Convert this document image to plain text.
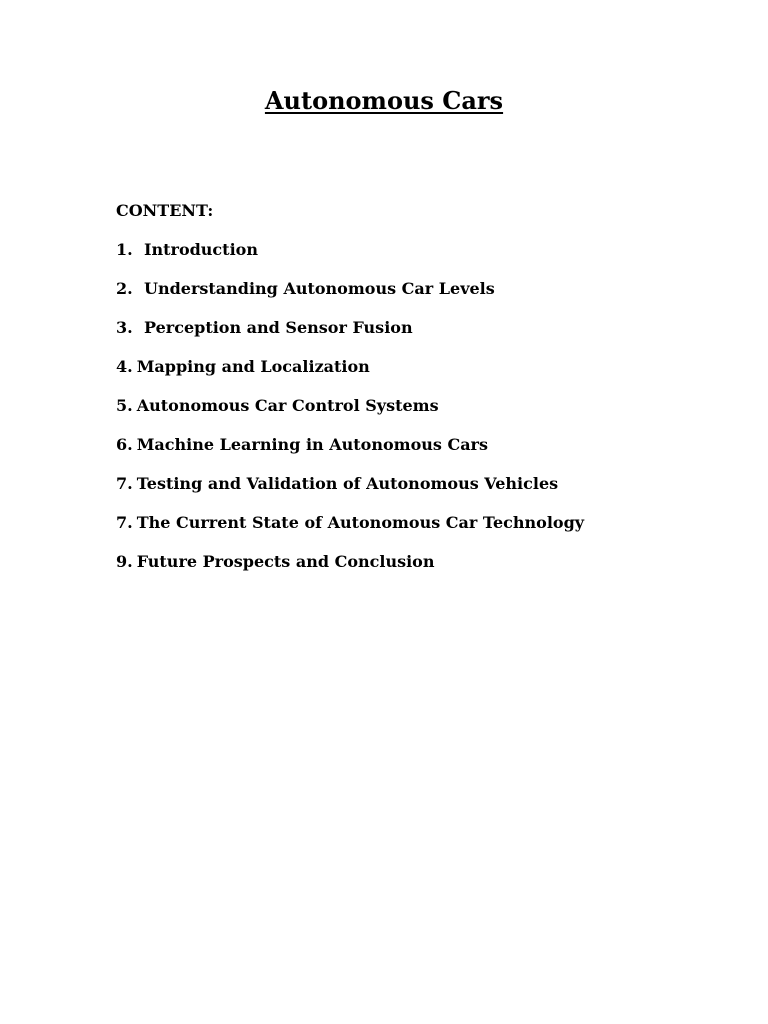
Autonomous Cars
CONTENT:
1. Introduction
2. Understanding Autonomous Car Levels
3. Perception and Sensor Fusion
4. Mapping and Localization
5. Autonomous Car Control Systems
6. Machine Learning in Autonomous Cars
7. Testing and Validation of Autonomous Vehicles
7. The Current State of Autonomous Car Technology
9. Future Prospects and Conclusion
